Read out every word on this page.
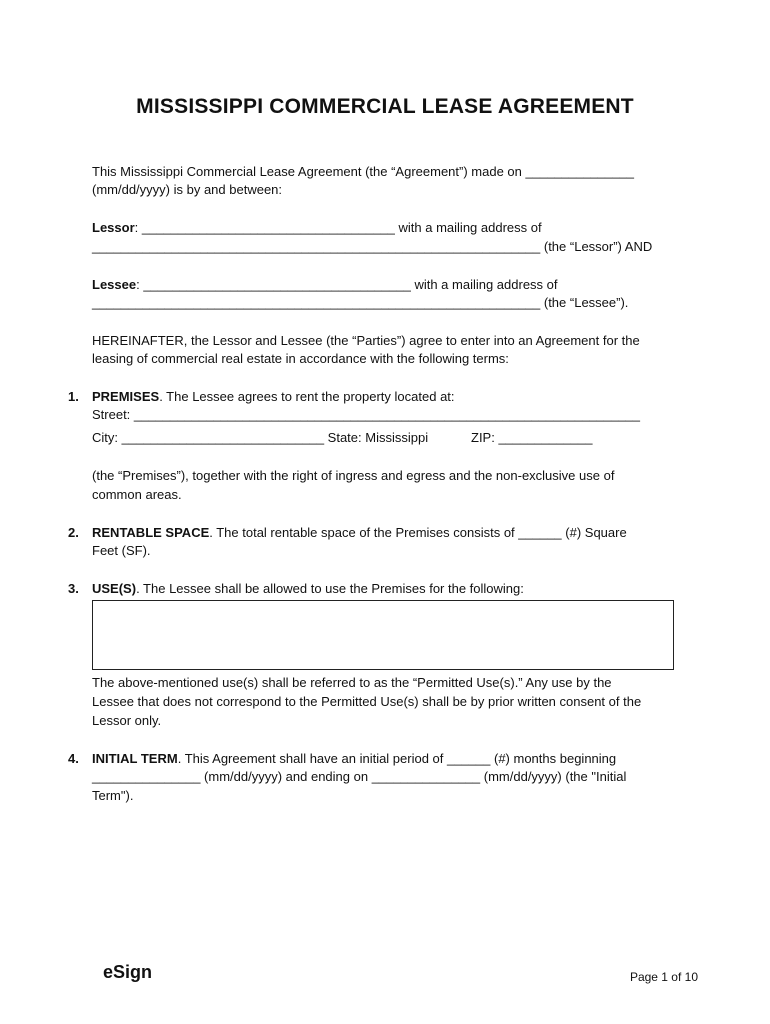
MISSISSIPPI COMMERCIAL LEASE AGREEMENT
This Mississippi Commercial Lease Agreement (the “Agreement”) made on _______________
(mm/dd/yyyy) is by and between:
Lessor: ___________________________________ with a mailing address of
______________________________________________________________ (the “Lessor”) AND
Lessee: _____________________________________ with a mailing address of
______________________________________________________________ (the “Lessee”).
HEREINAFTER, the Lessor and Lessee (the “Parties”) agree to enter into an Agreement for the
leasing of commercial real estate in accordance with the following terms:
1. PREMISES. The Lessee agrees to rent the property located at:
Street: ______________________________________________________________________
City: ____________________________ State: Mississippi	ZIP: _____________
(the “Premises”), together with the right of ingress and egress and the non-exclusive use of
common areas.
2. RENTABLE SPACE. The total rentable space of the Premises consists of ______ (#) Square
Feet (SF).
3. USE(S). The Lessee shall be allowed to use the Premises for the following:
The above-mentioned use(s) shall be referred to as the “Permitted Use(s).” Any use by the
Lessee that does not correspond to the Permitted Use(s) shall be by prior written consent of the
Lessor only.
4. INITIAL TERM. This Agreement shall have an initial period of ______ (#) months beginning
_______________ (mm/dd/yyyy) and ending on _______________ (mm/dd/yyyy) (the "Initial
Term").
eSign	Page 1 of 10
